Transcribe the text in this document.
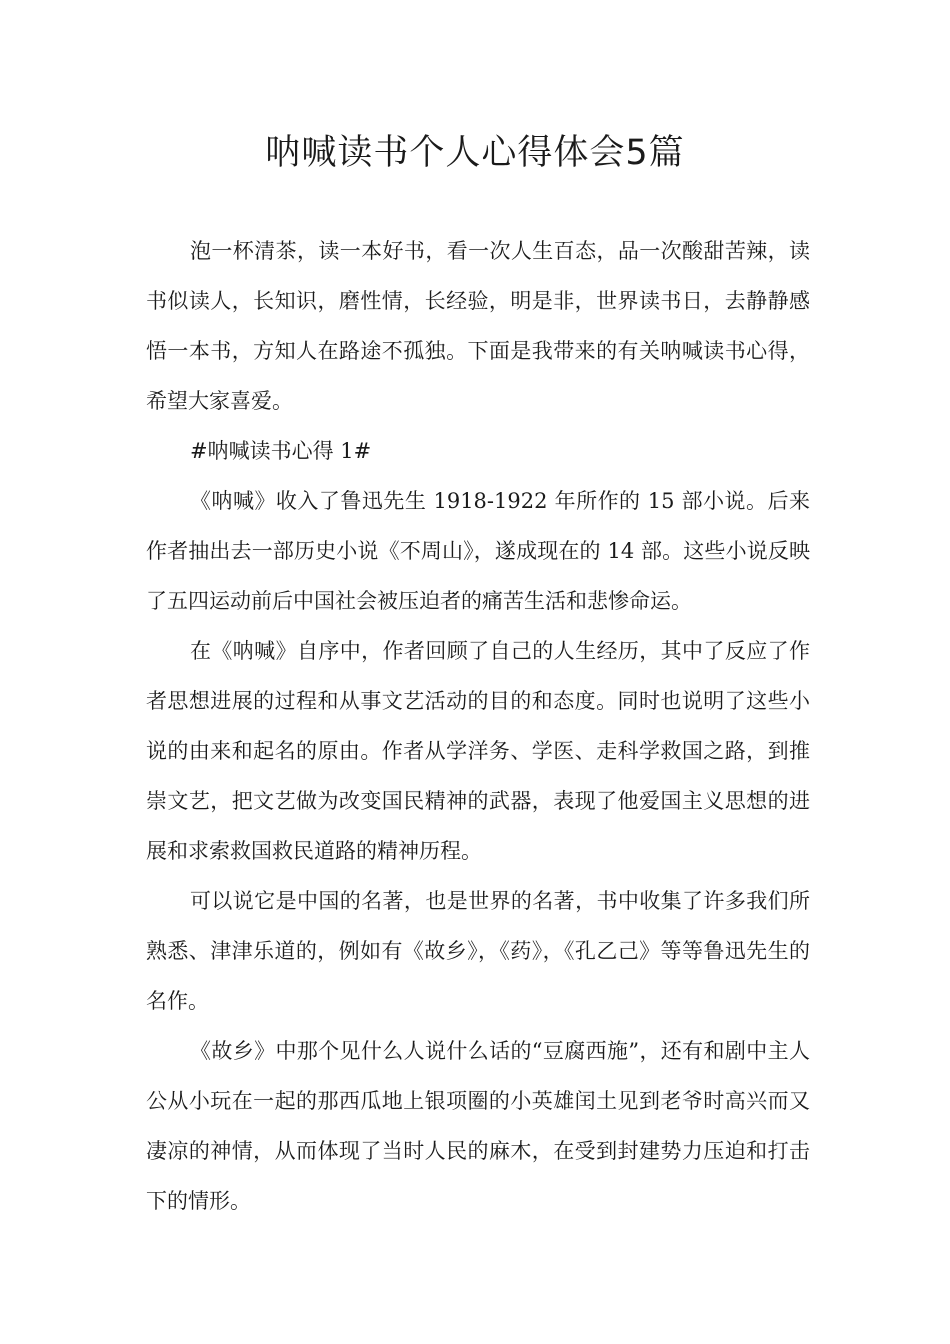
呐喊读书个人心得体会5篇

泡一杯清茶，读一本好书，看一次人生百态，品一次酸甜苦辣，读书似读人，长知识，磨性情，长经验，明是非，世界读书日，去静静感悟一本书，方知人在路途不孤独。下面是我带来的有关呐喊读书心得，希望大家喜爱。

#呐喊读书心得 1#

《呐喊》收入了鲁迅先生 1918-1922 年所作的 15 部小说。后来作者抽出去一部历史小说《不周山》，遂成现在的 14 部。这些小说反映了五四运动前后中国社会被压迫者的痛苦生活和悲惨命运。

在《呐喊》自序中，作者回顾了自己的人生经历，其中了反应了作者思想进展的过程和从事文艺活动的目的和态度。同时也说明了这些小说的由来和起名的原由。作者从学洋务、学医、走科学救国之路，到推崇文艺，把文艺做为改变国民精神的武器，表现了他爱国主义思想的进展和求索救国救民道路的精神历程。

可以说它是中国的名著，也是世界的名著，书中收集了许多我们所熟悉、津津乐道的，例如有《故乡》，《药》，《孔乙己》等等鲁迅先生的名作。

《故乡》中那个见什么人说什么话的“豆腐西施”，还有和剧中主人公从小玩在一起的那西瓜地上银项圈的小英雄闰土见到老爷时高兴而又凄凉的神情，从而体现了当时人民的麻木，在受到封建势力压迫和打击下的情形。
